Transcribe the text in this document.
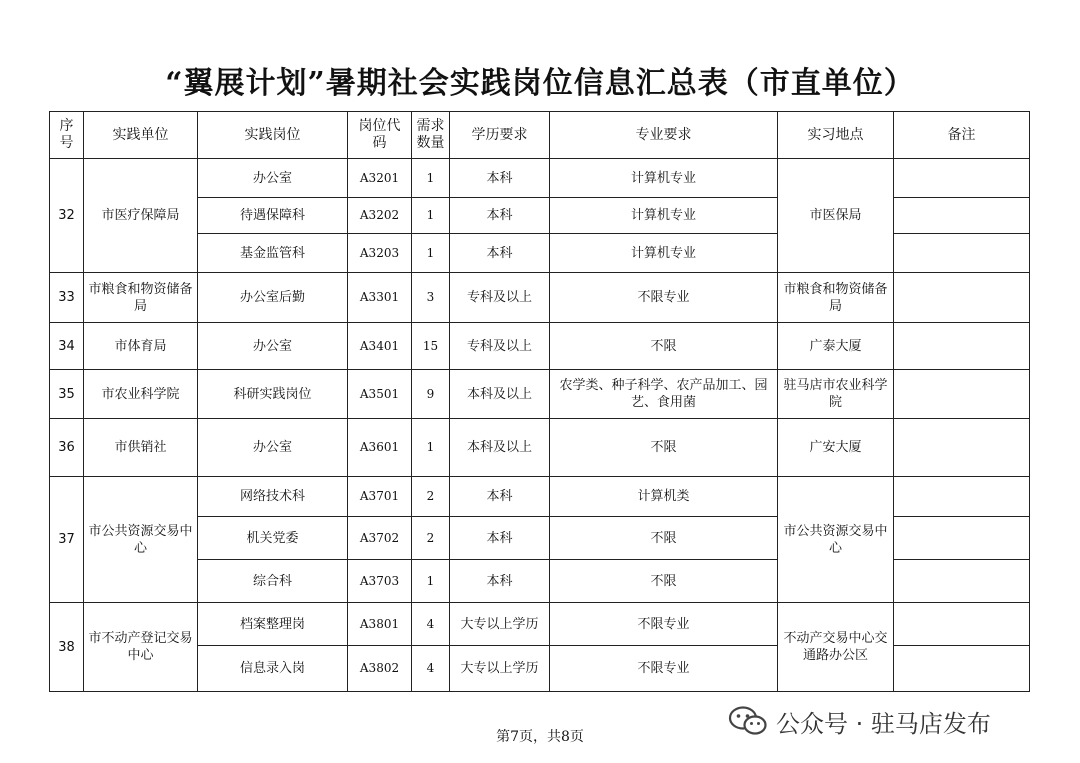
“翼展计划”暑期社会实践岗位信息汇总表（市直单位）
序号	实践单位	实践岗位	岗位代码	需求数量	学历要求	专业要求	实习地点	备注
32	市医疗保障局	办公室	A3201	1	本科	计算机专业	市医保局	
		待遇保障科	A3202	1	本科	计算机专业		
		基金监管科	A3203	1	本科	计算机专业		
33	市粮食和物资储备局	办公室后勤	A3301	3	专科及以上	不限专业	市粮食和物资储备局	
34	市体育局	办公室	A3401	15	专科及以上	不限	广泰大厦	
35	市农业科学院	科研实践岗位	A3501	9	本科及以上	农学类、种子科学、农产品加工、园艺、食用菌	驻马店市农业科学院	
36	市供销社	办公室	A3601	1	本科及以上	不限	广安大厦	
37	市公共资源交易中心	网络技术科	A3701	2	本科	计算机类	市公共资源交易中心	
		机关党委	A3702	2	本科	不限		
		综合科	A3703	1	本科	不限		
38	市不动产登记交易中心	档案整理岗	A3801	4	大专以上学历	不限专业	不动产交易中心交通路办公区	
		信息录入岗	A3802	4	大专以上学历	不限专业		
第7页，共8页	公众号 · 驻马店发布
